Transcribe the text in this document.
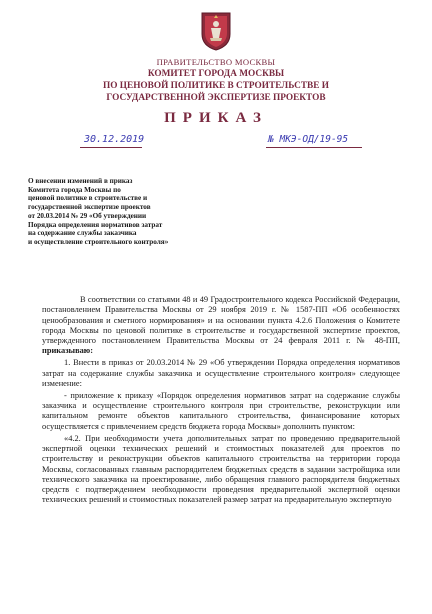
ПРАВИТЕЛЬСТВО МОСКВЫ
КОМИТЕТ ГОРОДА МОСКВЫ
ПО ЦЕНОВОЙ ПОЛИТИКЕ В СТРОИТЕЛЬСТВЕ И
ГОСУДАРСТВЕННОЙ ЭКСПЕРТИЗЕ ПРОЕКТОВ
ПРИКАЗ
30.12.2019	№ МКЭ-ОД/19-95
О внесении изменений в приказ
Комитета города Москвы по
ценовой политике в строительстве и
государственной экспертизе проектов
от 20.03.2014 № 29 «Об утверждении
Порядка определения нормативов затрат
на содержание службы заказчика
и осуществление строительного контроля»

В соответствии со статьями 48 и 49 Градостроительного кодекса Российской Федерации, постановлением Правительства Москвы от 29 ноября 2019 г. № 1587-ПП «Об особенностях ценообразования и сметного нормирования» и на основании пункта 4.2.6 Положения о Комитете города Москвы по ценовой политике в строительстве и государственной экспертизе проектов, утвержденного постановлением Правительства Москвы от 24 февраля 2011 г. № 48-ПП, приказываю:

1. Внести в приказ от 20.03.2014 № 29 «Об утверждении Порядка определения нормативов затрат на содержание службы заказчика и осуществление строительного контроля» следующее изменение:

- приложение к приказу «Порядок определения нормативов затрат на содержание службы заказчика и осуществление строительного контроля при строительстве, реконструкции или капитальном ремонте объектов капитального строительства, финансирование которых осуществляется с привлечением средств бюджета города Москвы» дополнить пунктом:

«4.2. При необходимости учета дополнительных затрат по проведению предварительной экспертной оценки технических решений и стоимостных показателей для проектов по строительству и реконструкции объектов капитального строительства на территории города Москвы, согласованных главным распорядителем бюджетных средств в задании застройщика или технического заказчика на проектирование, либо обращения главного распорядителя бюджетных средств с подтверждением необходимости проведения предварительной экспертной оценки технических решений и стоимостных показателей размер затрат на предварительную экспертную
